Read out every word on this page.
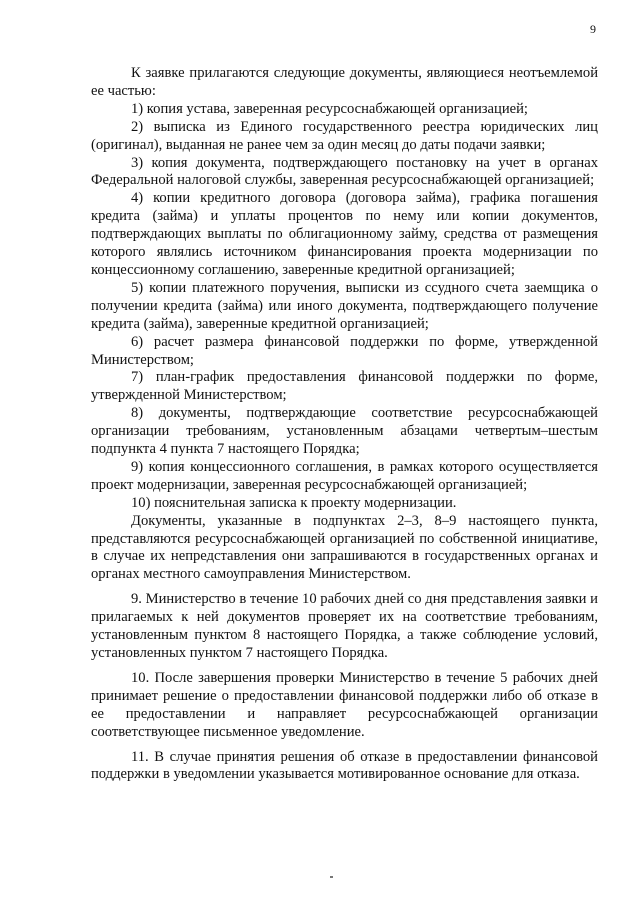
9

К заявке прилагаются следующие документы, являющиеся неотъемлемой ее частью:

1) копия устава, заверенная ресурсоснабжающей организацией;

2) выписка из Единого государственного реестра юридических лиц (оригинал), выданная не ранее чем за один месяц до даты подачи заявки;

3) копия документа, подтверждающего постановку на учет в органах Федеральной налоговой службы, заверенная ресурсоснабжающей организацией;

4) копии кредитного договора (договора займа), графика погашения кредита (займа) и уплаты процентов по нему или копии документов, подтверждающих выплаты по облигационному займу, средства от размещения которого являлись источником финансирования проекта модернизации по концессионному соглашению, заверенные кредитной организацией;

5) копии платежного поручения, выписки из ссудного счета заемщика о получении кредита (займа) или иного документа, подтверждающего получение кредита (займа), заверенные кредитной организацией;

6) расчет размера финансовой поддержки по форме, утвержденной Министерством;

7) план-график предоставления финансовой поддержки по форме, утвержденной Министерством;

8) документы, подтверждающие соответствие ресурсоснабжающей организации требованиям, установленным абзацами четвертым–шестым подпункта 4 пункта 7 настоящего Порядка;

9) копия концессионного соглашения, в рамках которого осуществляется проект модернизации, заверенная ресурсоснабжающей организацией;

10) пояснительная записка к проекту модернизации.

Документы, указанные в подпунктах 2–3, 8–9 настоящего пункта, представляются ресурсоснабжающей организацией по собственной инициативе, в случае их непредставления они запрашиваются в государственных органах и органах местного самоуправления Министерством.

9. Министерство в течение 10 рабочих дней со дня представления заявки и прилагаемых к ней документов проверяет их на соответствие требованиям, установленным пунктом 8 настоящего Порядка, а также соблюдение условий, установленных пунктом 7 настоящего Порядка.

10. После завершения проверки Министерство в течение 5 рабочих дней принимает решение о предоставлении финансовой поддержки либо об отказе в ее предоставлении и направляет ресурсоснабжающей организации соответствующее письменное уведомление.

11. В случае принятия решения об отказе в предоставлении финансовой поддержки в уведомлении указывается мотивированное основание для отказа.
